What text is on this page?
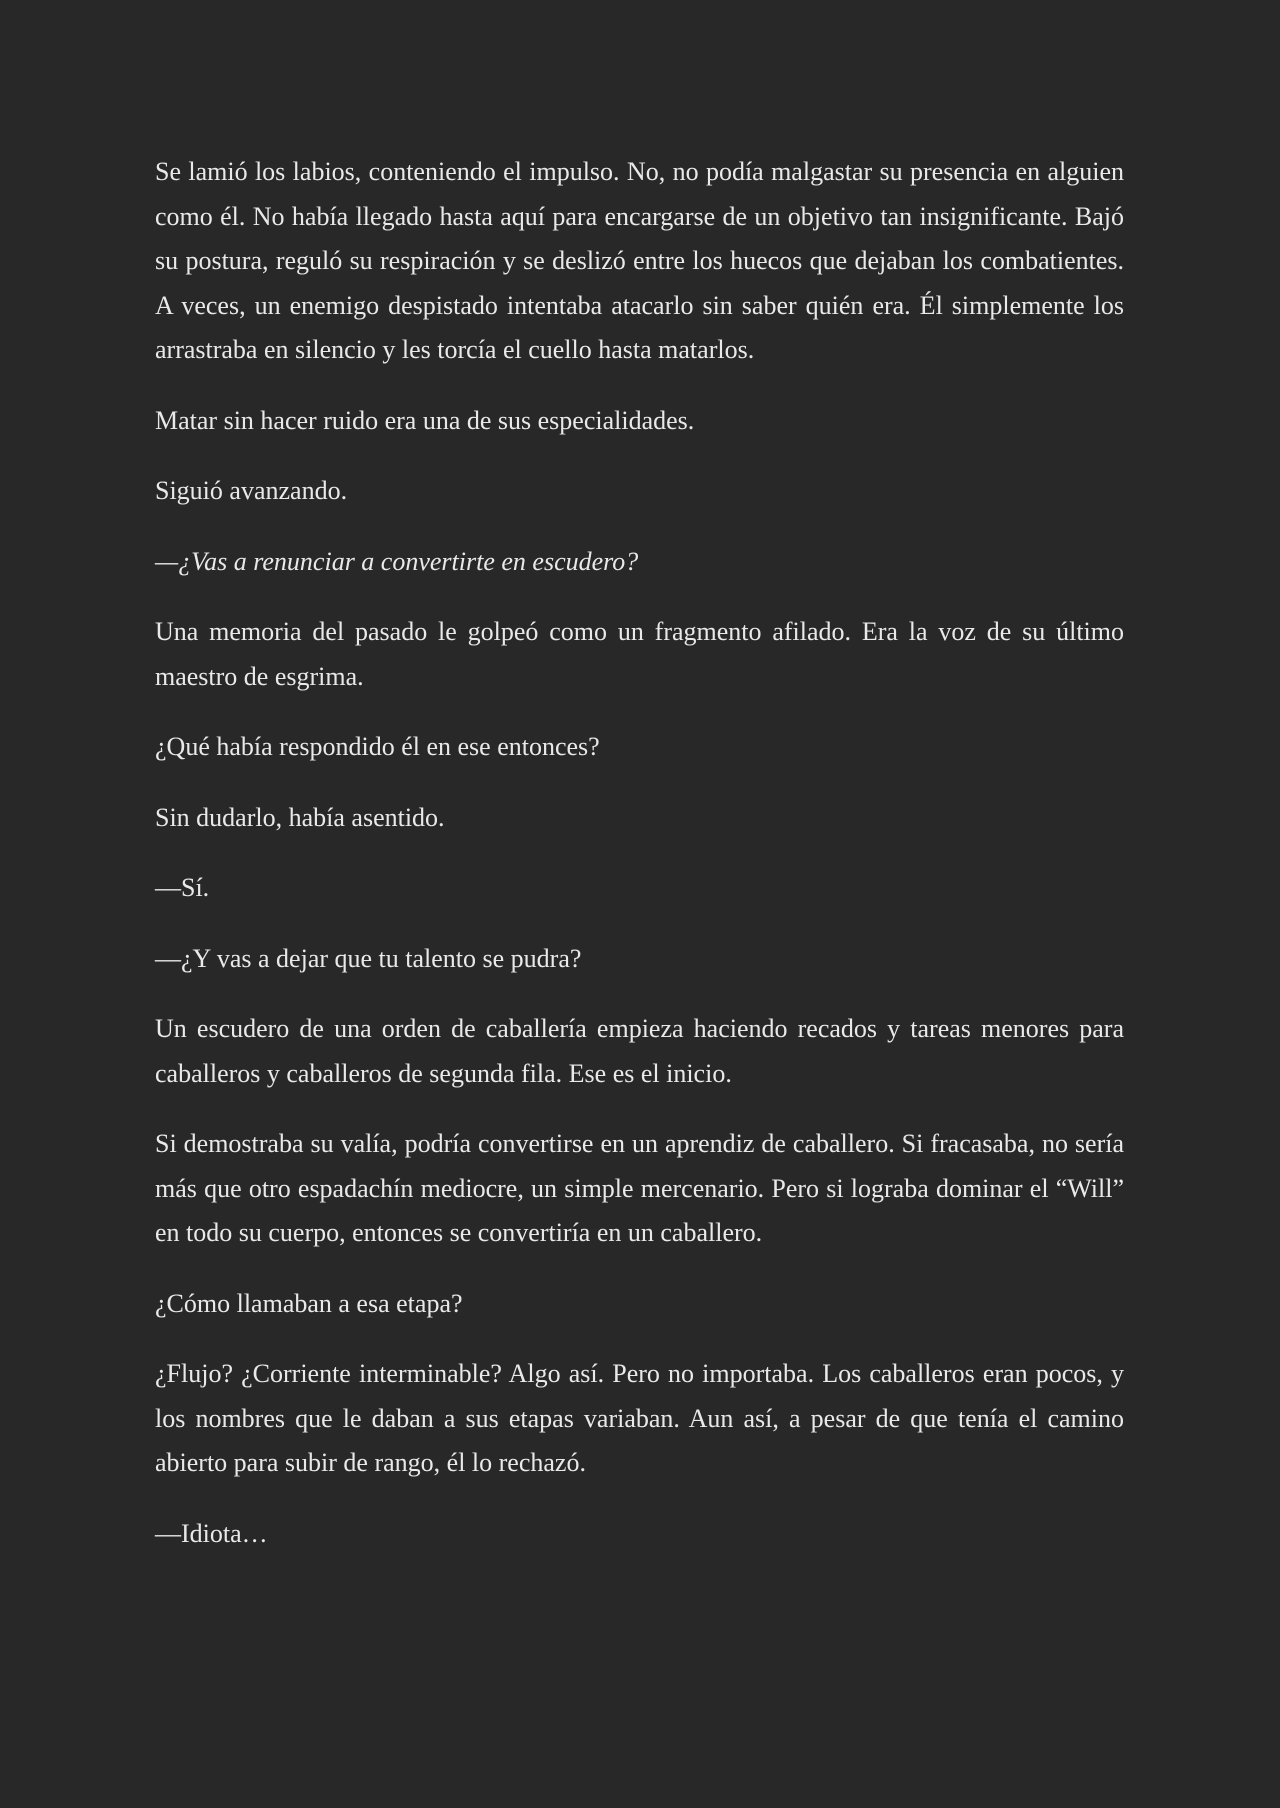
Se lamió los labios, conteniendo el impulso. No, no podía malgastar su presencia en alguien como él. No había llegado hasta aquí para encargarse de un objetivo tan insignificante. Bajó su postura, reguló su respiración y se deslizó entre los huecos que dejaban los combatientes. A veces, un enemigo despistado intentaba atacarlo sin saber quién era. Él simplemente los arrastraba en silencio y les torcía el cuello hasta matarlos.

Matar sin hacer ruido era una de sus especialidades.

Siguió avanzando.

—¿Vas a renunciar a convertirte en escudero?

Una memoria del pasado le golpeó como un fragmento afilado. Era la voz de su último maestro de esgrima.

¿Qué había respondido él en ese entonces?

Sin dudarlo, había asentido.

—Sí.

—¿Y vas a dejar que tu talento se pudra?

Un escudero de una orden de caballería empieza haciendo recados y tareas menores para caballeros y caballeros de segunda fila. Ese es el inicio.

Si demostraba su valía, podría convertirse en un aprendiz de caballero. Si fracasaba, no sería más que otro espadachín mediocre, un simple mercenario. Pero si lograba dominar el “Will” en todo su cuerpo, entonces se convertiría en un caballero.

¿Cómo llamaban a esa etapa?

¿Flujo? ¿Corriente interminable? Algo así. Pero no importaba. Los caballeros eran pocos, y los nombres que le daban a sus etapas variaban. Aun así, a pesar de que tenía el camino abierto para subir de rango, él lo rechazó.

—Idiota…
